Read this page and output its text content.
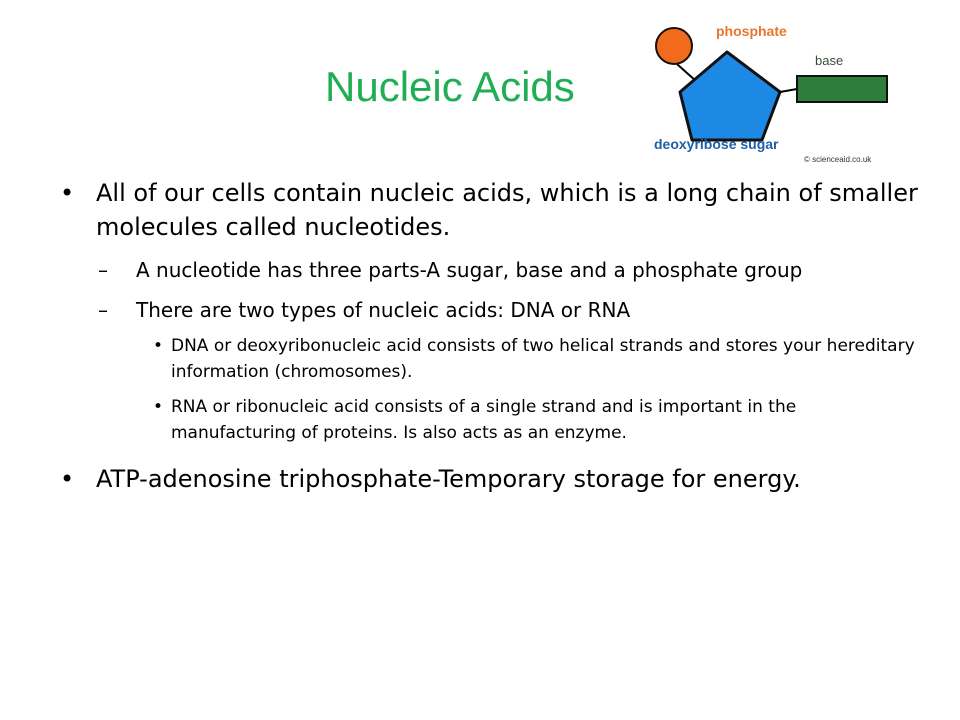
Nucleic Acids
phosphate
base
deoxyribose sugar
© scienceaid.co.uk
• All of our cells contain nucleic acids, which is a long chain of smaller molecules called nucleotides.
– A nucleotide has three parts-A sugar, base and a phosphate group
– There are two types of nucleic acids: DNA or RNA
• DNA or deoxyribonucleic acid consists of two helical strands and stores your hereditary information (chromosomes).
• RNA or ribonucleic acid consists of a single strand and is important in the manufacturing of proteins. Is also acts as an enzyme.
• ATP-adenosine triphosphate-Temporary storage for energy.
